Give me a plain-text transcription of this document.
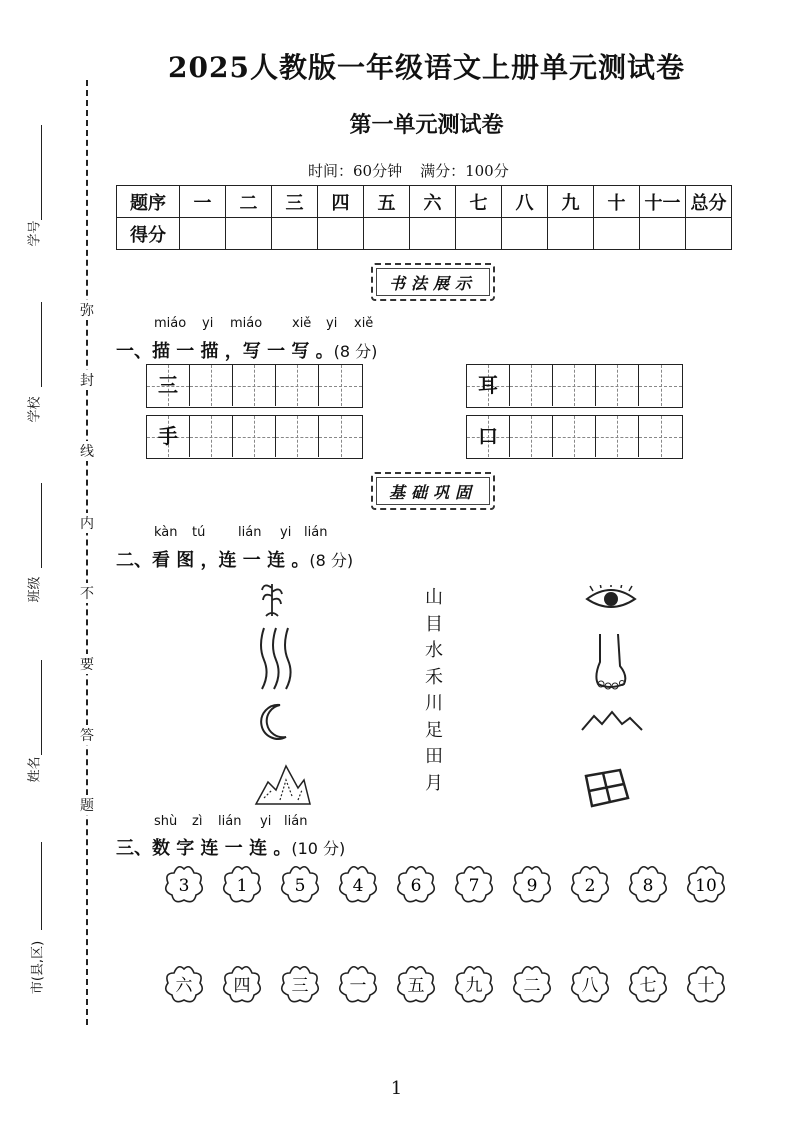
弥
封
线
内
不
要
答
题
学号
学校
班级
姓名
市(县,区)
2025人教版一年级语文上册单元测试卷
第一单元测试卷
时间：60分钟 满分：100分
题序	一	二	三	四	五	六	七	八	九	十	十一	总分
得分												
书法展示
miáo yi miáo xiě yi xiě
一、描 一 描 ，写 一 写 。(8 分)
三	耳
手	口
基础巩固
kàn tú	lián yi lián
二、看 图 ，连 一 连 。(8 分)
山
目
水
禾
川
足
田
月
shù zì lián yi lián
三、数 字 连 一 连 。(10 分)
3	1	5	4	6	7	9	2	8 10
六 四 三 一 五 九 二 八 七 十
1
